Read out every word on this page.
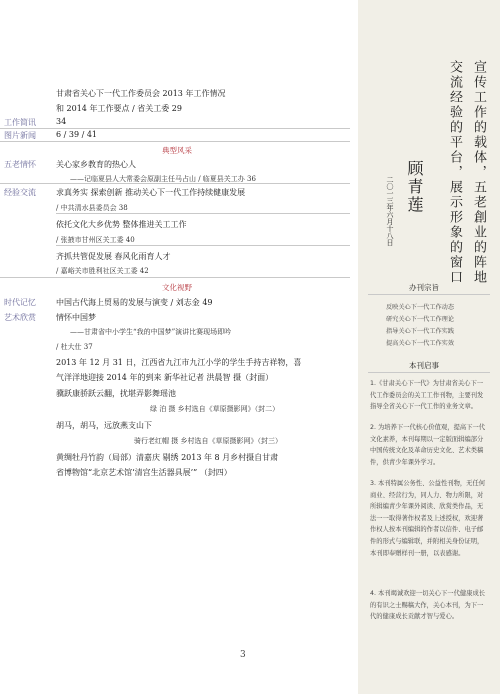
甘肃省关心下一代工作委员会 2013 年工作情况
和 2014 年工作要点 / 省关工委 29
工作简讯	34
图片新闻	6 / 39 / 41
典型风采
五老情怀	关心家乡教育的热心人
——记临夏县人大常委会原副主任马占山 / 临夏县关工办 36
经验交流	求真务实 探索创新 推动关心下一代工作持续健康发展
/ 中共清水县委员会 38
依托文化大乡优势 整体推进关工工作
/ 张掖市甘州区关工委 40
齐抓共管促发展 春风化雨育人才
/ 嘉峪关市胜利社区关工委 42
文化视野
时代记忆	中国古代海上贸易的发展与演变 / 刘志金 49
艺术欣赏	情怀中国梦
——甘肃省中小学生“我的中国梦”演讲比赛现场即吟
/ 杜大仕 37
2013 年 12 月 31 日，江西省九江市九江小学的学生手持吉祥物，喜
气洋洋地迎接 2014 年的到来 新华社记者 洪晨智 摄（封面）
骥跃康骄跃云翻，扰堪弄影舞瑶池
绿 泊 摄 乡村选自《草原摄影网》（封二）
胡马，胡马，远放燕支山下
骑行老红帽 摄 乡村选自《草原摄影网》（封三）
黄绸牡丹竹韵（局部）清嘉庆 剔绣 2013 年 8 月乡村摄自甘肃
省博物馆“北京艺术馆‘清宫生活器具展’” （封四）
3
宣传工作的载体，五老創业的阵地
交流经验的平台，展示形象的窗口
顾青莲
二〇一三年六月十八日
办刊宗旨
反映关心下一代工作动态
研究关心下一代工作理论
指导关心下一代工作实践
提高关心下一代工作实效
本刊启事
1.《甘肃关心下一代》为甘肃省关心下一代工作委员会的关工工作刊物，主要刊发指导全省关心下一代工作的业务文章。
2. 为培养下一代核心价值观，提高下一代文化素养，本刊每期以一定版面辑编部分中国传统文化及革命历史文化、艺术类稿件，供青少年课外学习。
3. 本刊特属公务性、公益性刊物，无任何商业、经营行为，同人力、物力所限，对所辑编青少年课外阅读、欣赏类作品，无法一一取得著作权者及上述授权，欢迎著作权人按本刊编辑的作者以信件、电子邮件的形式与编辑联，并附相关身份证明，本刊即奉赠样刊一册，以表感谢。
4. 本刊竭诚欢迎一切关心下一代健康成长的有识之士赐稿大作，关心本刊，为下一代的健康成长贡献才智与爱心。
